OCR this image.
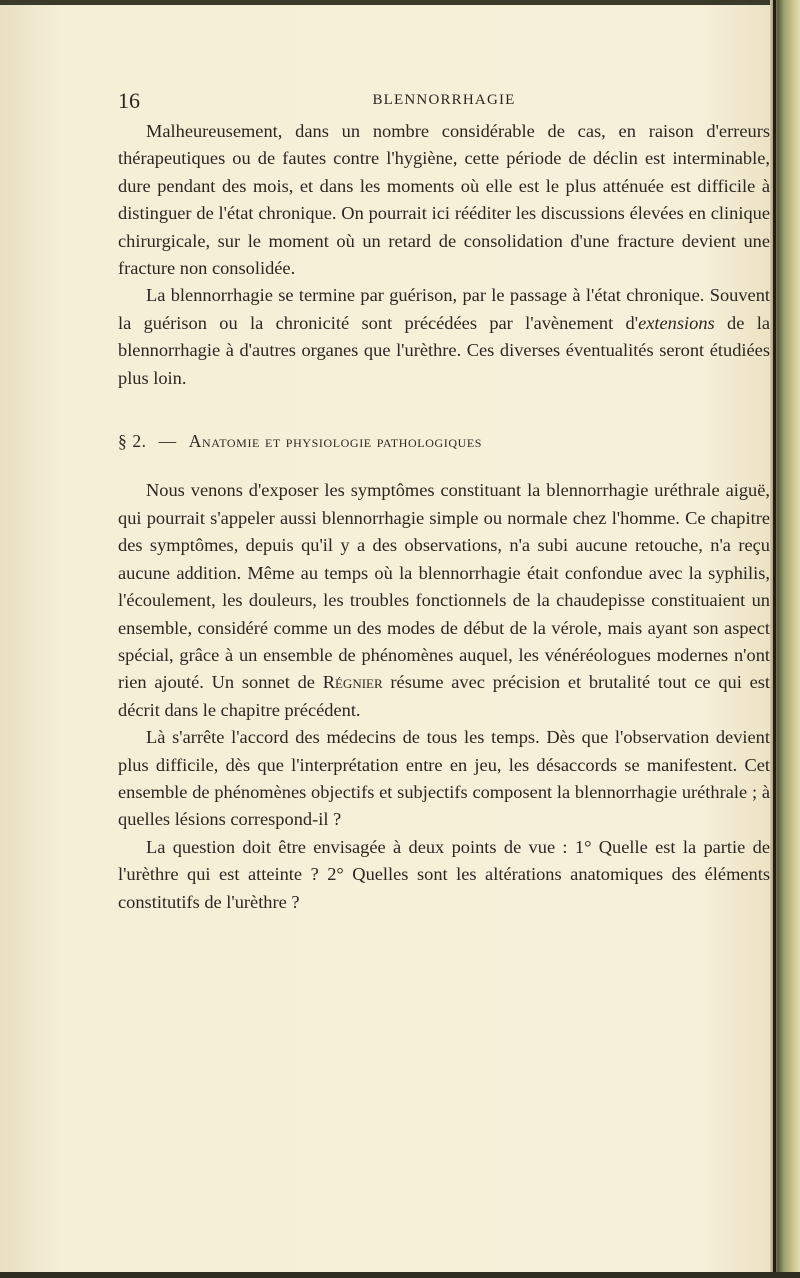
16	BLENNORRHAGIE

Malheureusement, dans un nombre considérable de cas, en raison d'erreurs thérapeutiques ou de fautes contre l'hygiène, cette période de déclin est interminable, dure pendant des mois, et dans les moments où elle est le plus atténuée est difficile à distinguer de l'état chronique. On pourrait ici rééditer les discussions élevées en clinique chirurgicale, sur le moment où un retard de consolidation d'une fracture devient une fracture non consolidée.

La blennorrhagie se termine par guérison, par le passage à l'état chronique. Souvent la guérison ou la chronicité sont précédées par l'avènement d'extensions de la blennorrhagie à d'autres organes que l'urèthre. Ces diverses éventualités seront étudiées plus loin.

§ 2. — Anatomie et physiologie pathologiques

Nous venons d'exposer les symptômes constituant la blennorrhagie uréthrale aiguë, qui pourrait s'appeler aussi blennorrhagie simple ou normale chez l'homme. Ce chapitre des symptômes, depuis qu'il y a des observations, n'a subi aucune retouche, n'a reçu aucune addition. Même au temps où la blennorrhagie était confondue avec la syphilis, l'écoulement, les douleurs, les troubles fonctionnels de la chaudepisse constituaient un ensemble, considéré comme un des modes de début de la vérole, mais ayant son aspect spécial, grâce à un ensemble de phénomènes auquel, les vénéréologues modernes n'ont rien ajouté. Un sonnet de Régnier résume avec précision et brutalité tout ce qui est décrit dans le chapitre précédent.

Là s'arrête l'accord des médecins de tous les temps. Dès que l'observation devient plus difficile, dès que l'interprétation entre en jeu, les désaccords se manifestent. Cet ensemble de phénomènes objectifs et subjectifs composent la blennorrhagie uréthrale ; à quelles lésions correspond-il ?

La question doit être envisagée à deux points de vue : 1° Quelle est la partie de l'urèthre qui est atteinte ? 2° Quelles sont les altérations anatomiques des éléments constitutifs de l'urèthre ?
